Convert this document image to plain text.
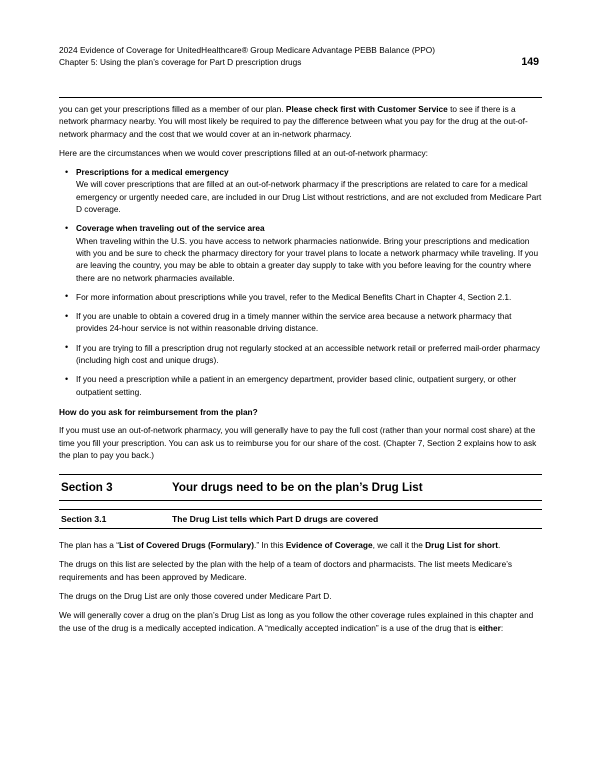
2024 Evidence of Coverage for UnitedHealthcare® Group Medicare Advantage PEBB Balance (PPO)
Chapter 5: Using the plan’s coverage for Part D prescription drugs	149

you can get your prescriptions filled as a member of our plan. Please check first with Customer Service to see if there is a network pharmacy nearby. You will most likely be required to pay the difference between what you pay for the drug at the out-of-network pharmacy and the cost that we would cover at an in-network pharmacy.

Here are the circumstances when we would cover prescriptions filled at an out-of-network pharmacy:

• Prescriptions for a medical emergency
We will cover prescriptions that are filled at an out-of-network pharmacy if the prescriptions are related to care for a medical emergency or urgently needed care, are included in our Drug List without restrictions, and are not excluded from Medicare Part D coverage.
• Coverage when traveling out of the service area
When traveling within the U.S. you have access to network pharmacies nationwide. Bring your prescriptions and medication with you and be sure to check the pharmacy directory for your travel plans to locate a network pharmacy while traveling. If you are leaving the country, you may be able to obtain a greater day supply to take with you before leaving for the country where there are no network pharmacies available.
• For more information about prescriptions while you travel, refer to the Medical Benefits Chart in Chapter 4, Section 2.1.
• If you are unable to obtain a covered drug in a timely manner within the service area because a network pharmacy that provides 24-hour service is not within reasonable driving distance.
• If you are trying to fill a prescription drug not regularly stocked at an accessible network retail or preferred mail-order pharmacy (including high cost and unique drugs).
• If you need a prescription while a patient in an emergency department, provider based clinic, outpatient surgery, or other outpatient setting.
How do you ask for reimbursement from the plan?

If you must use an out-of-network pharmacy, you will generally have to pay the full cost (rather than your normal cost share) at the time you fill your prescription. You can ask us to reimburse you for our share of the cost. (Chapter 7, Section 2 explains how to ask the plan to pay you back.)

Section 3	Your drugs need to be on the plan’s Drug List
Section 3.1	The Drug List tells which Part D drugs are covered

The plan has a “List of Covered Drugs (Formulary).” In this Evidence of Coverage, we call it the Drug List for short.

The drugs on this list are selected by the plan with the help of a team of doctors and pharmacists. The list meets Medicare’s requirements and has been approved by Medicare.

The drugs on the Drug List are only those covered under Medicare Part D.

We will generally cover a drug on the plan’s Drug List as long as you follow the other coverage rules explained in this chapter and the use of the drug is a medically accepted indication. A “medically accepted indication” is a use of the drug that is either:
